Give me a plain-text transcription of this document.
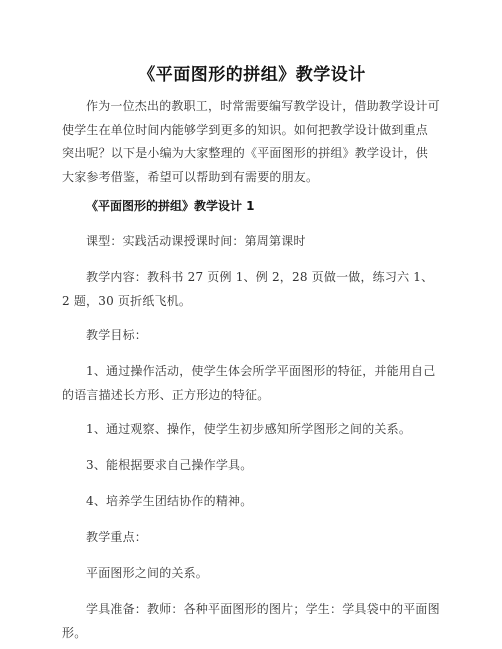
《平面图形的拼组》教学设计

作为一位杰出的教职工，时常需要编写教学设计，借助教学设计可使学生在单位时间内能够学到更多的知识。如何把教学设计做到重点突出呢？以下是小编为大家整理的《平面图形的拼组》教学设计，供大家参考借鉴，希望可以帮助到有需要的朋友。

《平面图形的拼组》教学设计 1

课型：实践活动课授课时间：第周第课时

教学内容：教科书 27 页例 1、例 2，28 页做一做，练习六 1、2 题，30 页折纸飞机。

教学目标：

1、通过操作活动，使学生体会所学平面图形的特征，并能用自己的语言描述长方形、正方形边的特征。

1、通过观察、操作，使学生初步感知所学图形之间的关系。

3、能根据要求自己操作学具。

4、培养学生团结协作的精神。

教学重点：

平面图形之间的关系。

学具准备：教师：各种平面图形的图片；学生：学具袋中的平面图形。
